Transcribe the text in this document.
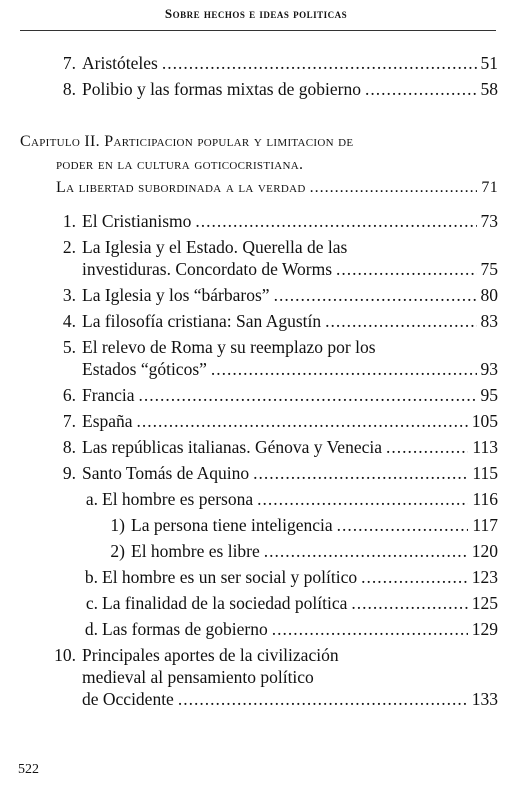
Sobre hechos e ideas politicas
7. Aristóteles .....	51
8. Polibio y las formas mixtas de gobierno .....	58
Capitulo II. Participacion popular y limitacion de
poder en la cultura goticocristiana.
La libertad subordinada a la verdad .....	71
1. El Cristianismo .....	73
2. La Iglesia y el Estado. Querella de las
investiduras. Concordato de Worms .....	75
3. La Iglesia y los “bárbaros” .....	80
4. La filosofía cristiana: San Agustín .....	83
5. El relevo de Roma y su reemplazo por los
Estados “góticos” .....	93
6. Francia .....	95
7. España .....	105
8. Las repúblicas italianas. Génova y Venecia .....	113
9. Santo Tomás de Aquino .....	115
a. El hombre es persona .....	116
1) La persona tiene inteligencia .....	117
2) El hombre es libre .....	120
b. El hombre es un ser social y político .....	123
c. La finalidad de la sociedad política .....	125
d. Las formas de gobierno .....	129
10. Principales aportes de la civilización
medieval al pensamiento político
de Occidente .....	133
522
